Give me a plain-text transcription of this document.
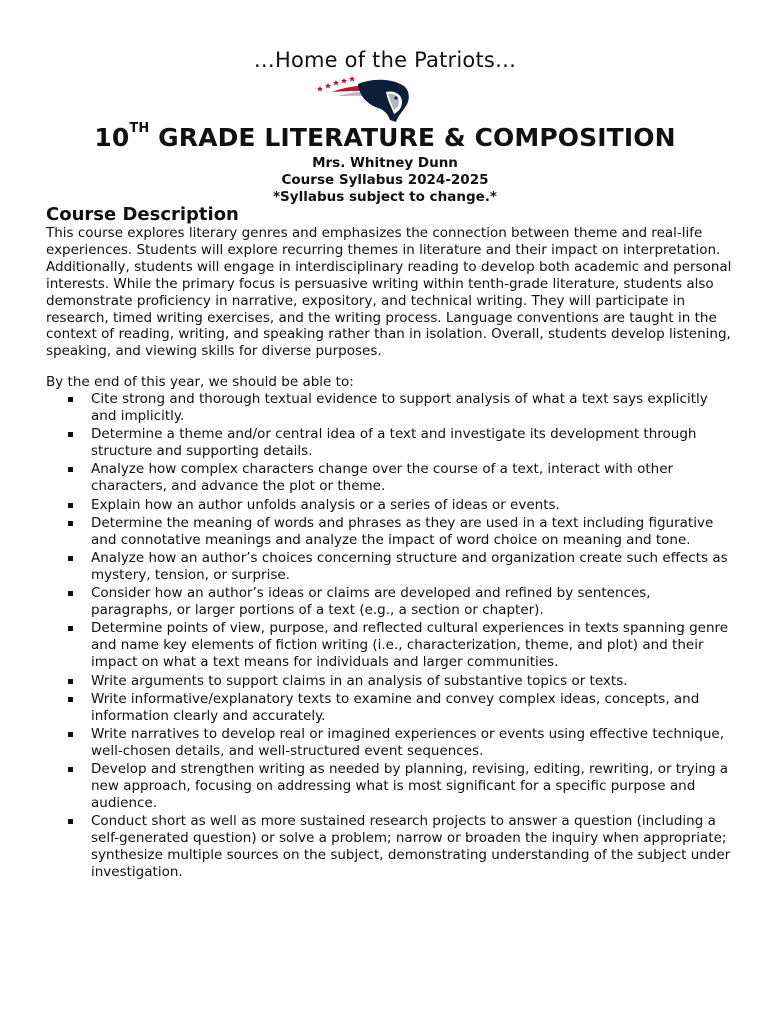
…Home of the Patriots…
10TH GRADE LITERATURE & COMPOSITION
Mrs. Whitney Dunn
Course Syllabus 2024-2025
*Syllabus subject to change.*
Course Description
This course explores literary genres and emphasizes the connection between theme and real-life experiences. Students will explore recurring themes in literature and their impact on interpretation. Additionally, students will engage in interdisciplinary reading to develop both academic and personal interests. While the primary focus is persuasive writing within tenth-grade literature, students also demonstrate proficiency in narrative, expository, and technical writing. They will participate in research, timed writing exercises, and the writing process. Language conventions are taught in the context of reading, writing, and speaking rather than in isolation. Overall, students develop listening, speaking, and viewing skills for diverse purposes.
By the end of this year, we should be able to:
Cite strong and thorough textual evidence to support analysis of what a text says explicitly and implicitly.
Determine a theme and/or central idea of a text and investigate its development through structure and supporting details.
Analyze how complex characters change over the course of a text, interact with other characters, and advance the plot or theme.
Explain how an author unfolds analysis or a series of ideas or events.
Determine the meaning of words and phrases as they are used in a text including figurative and connotative meanings and analyze the impact of word choice on meaning and tone.
Analyze how an author’s choices concerning structure and organization create such effects as mystery, tension, or surprise.
Consider how an author’s ideas or claims are developed and refined by sentences, paragraphs, or larger portions of a text (e.g., a section or chapter).
Determine points of view, purpose, and reflected cultural experiences in texts spanning genre and name key elements of fiction writing (i.e., characterization, theme, and plot) and their impact on what a text means for individuals and larger communities.
Write arguments to support claims in an analysis of substantive topics or texts.
Write informative/explanatory texts to examine and convey complex ideas, concepts, and information clearly and accurately.
Write narratives to develop real or imagined experiences or events using effective technique, well-chosen details, and well-structured event sequences.
Develop and strengthen writing as needed by planning, revising, editing, rewriting, or trying a new approach, focusing on addressing what is most significant for a specific purpose and audience.
Conduct short as well as more sustained research projects to answer a question (including a self-generated question) or solve a problem; narrow or broaden the inquiry when appropriate; synthesize multiple sources on the subject, demonstrating understanding of the subject under investigation.
